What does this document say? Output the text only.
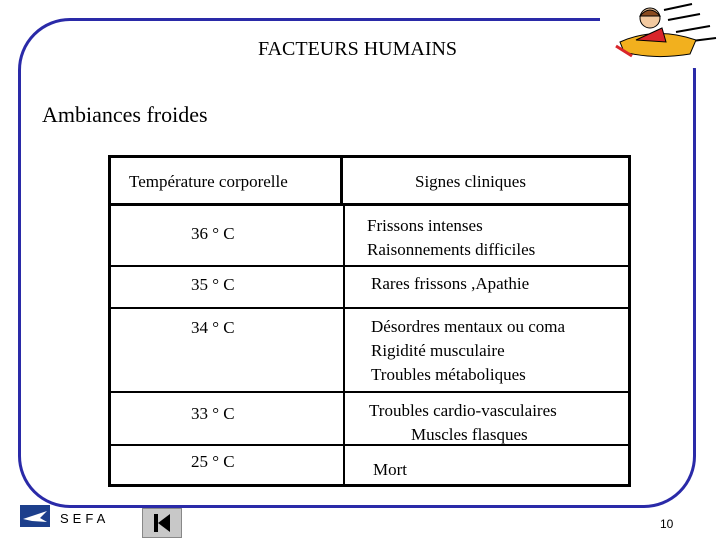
FACTEURS HUMAINS
Ambiances froides
Température corporelle	Signes cliniques
36 ° C	Frissons intenses
Raisonnements difficiles
35 ° C	Rares frissons ,Apathie
34 ° C	Désordres mentaux ou coma
Rigidité musculaire
Troubles métaboliques
33 ° C	Troubles cardio-vasculaires
Muscles flasques
25 ° C	Mort
SEFA	10
